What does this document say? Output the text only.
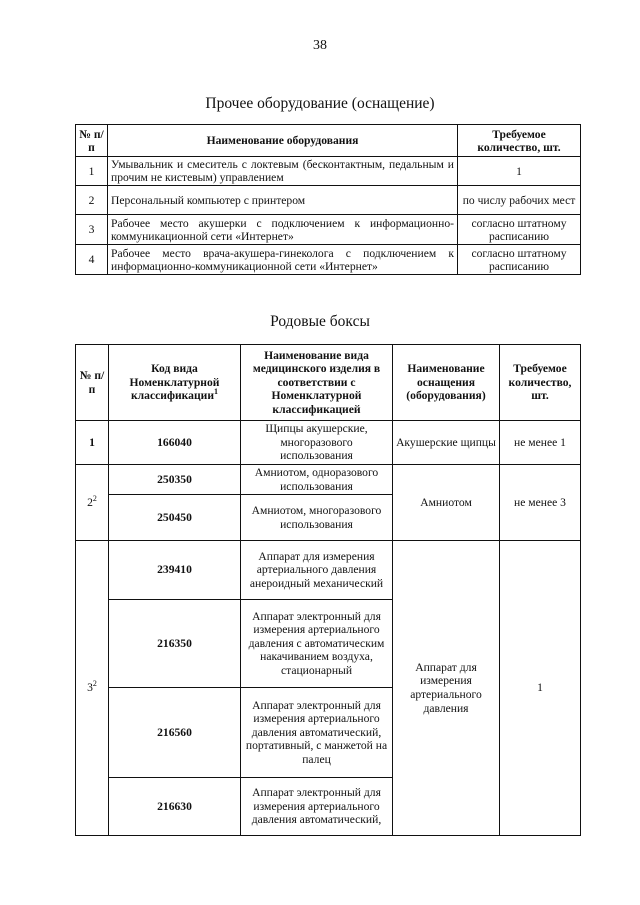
38
Прочее оборудование (оснащение)
№ п/п	Наименование оборудования	Требуемое количество, шт.
1	Умывальник и смеситель с локтевым (бесконтактным, педальным и прочим не кистевым) управлением	1
2	Персональный компьютер с принтером	по числу рабочих мест
3	Рабочее место акушерки с подключением к информационно-коммуникационной сети «Интернет»	согласно штатному расписанию
4	Рабочее место врача-акушера-гинеколога с подключением к информационно-коммуникационной сети «Интернет»	согласно штатному расписанию
Родовые боксы
№ п/п	Код вида Номенклатурной классификации$^1$	Наименование вида медицинского изделия в соответствии с Номенклатурной классификацией	Наименование оснащения (оборудования)	Требуемое количество, шт.
1	166040	Щипцы акушерские, многоразового использования	Акушерские щипцы	не менее 1
$2^2$	250350	Амниотом, одноразового использования	Амниотом	не менее 3
	250450	Амниотом, многоразового использования		
$3^2$	239410	Аппарат для измерения артериального давления анероидный механический	Аппарат для измерения артериального давления	1
	216350	Аппарат электронный для измерения артериального давления с автоматическим накачиванием воздуха, стационарный		
	216560	Аппарат электронный для измерения артериального давления автоматический, портативный, с манжетой на палец		
	216630	Аппарат электронный для измерения артериального давления автоматический,		
